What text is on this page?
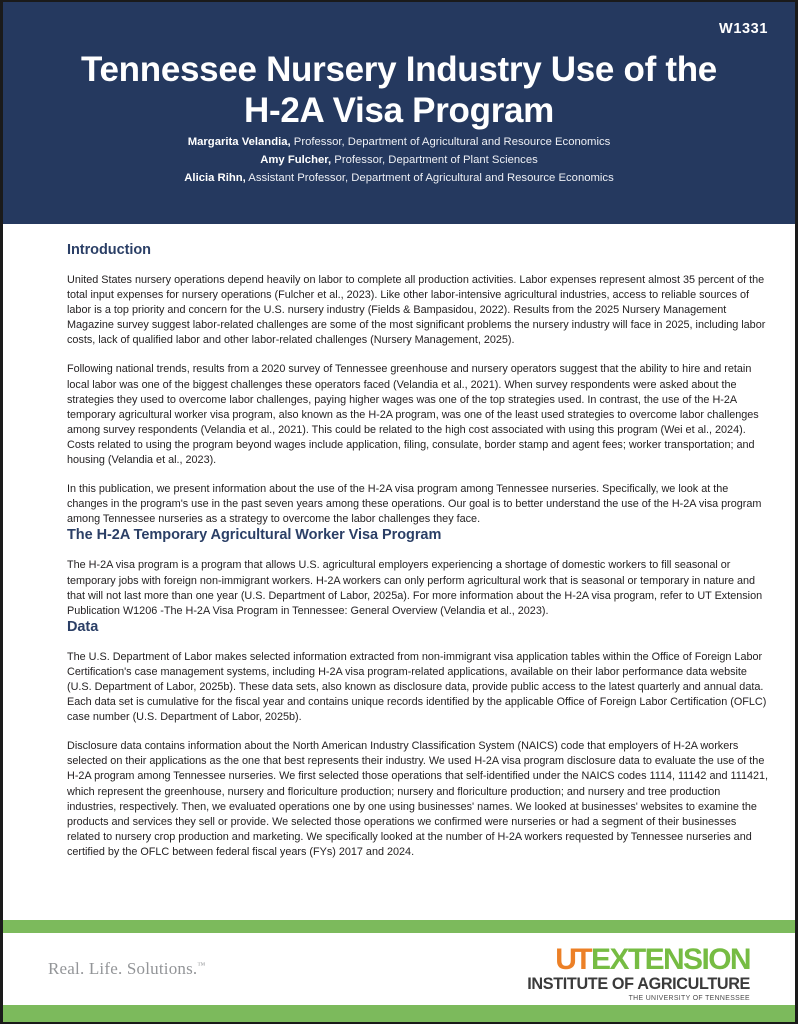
W1331
Tennessee Nursery Industry Use of the
H-2A Visa Program
Margarita Velandia, Professor, Department of Agricultural and Resource Economics
Amy Fulcher, Professor, Department of Plant Sciences
Alicia Rihn, Assistant Professor, Department of Agricultural and Resource Economics
Introduction

United States nursery operations depend heavily on labor to complete all production activities. Labor expenses represent almost 35 percent of the total input expenses for nursery operations (Fulcher et al., 2023). Like other labor-intensive agricultural industries, access to reliable sources of labor is a top priority and concern for the U.S. nursery industry (Fields & Bampasidou, 2022). Results from the 2025 Nursery Management Magazine survey suggest labor-related challenges are some of the most significant problems the nursery industry will face in 2025, including labor costs, lack of qualified labor and other labor-related challenges (Nursery Management, 2025).

Following national trends, results from a 2020 survey of Tennessee greenhouse and nursery operators suggest that the ability to hire and retain local labor was one of the biggest challenges these operators faced (Velandia et al., 2021). When survey respondents were asked about the strategies they used to overcome labor challenges, paying higher wages was one of the top strategies used. In contrast, the use of the H-2A temporary agricultural worker visa program, also known as the H-2A program, was one of the least used strategies to overcome labor challenges among survey respondents (Velandia et al., 2021). This could be related to the high cost associated with using this program (Wei et al., 2024). Costs related to using the program beyond wages include application, filing, consulate, border stamp and agent fees; worker transportation; and housing (Velandia et al., 2023).

In this publication, we present information about the use of the H-2A visa program among Tennessee nurseries. Specifically, we look at the changes in the program's use in the past seven years among these operations. Our goal is to better understand the use of the H-2A visa program among Tennessee nurseries as a strategy to overcome the labor challenges they face.

The H-2A Temporary Agricultural Worker Visa Program

The H-2A visa program is a program that allows U.S. agricultural employers experiencing a shortage of domestic workers to fill seasonal or temporary jobs with foreign non-immigrant workers. H-2A workers can only perform agricultural work that is seasonal or temporary in nature and that will not last more than one year (U.S. Department of Labor, 2025a). For more information about the H-2A visa program, refer to UT Extension Publication W1206 -The H-2A Visa Program in Tennessee: General Overview (Velandia et al., 2023).

Data

The U.S. Department of Labor makes selected information extracted from non-immigrant visa application tables within the Office of Foreign Labor Certification's case management systems, including H-2A visa program-related applications, available on their labor performance data website (U.S. Department of Labor, 2025b). These data sets, also known as disclosure data, provide public access to the latest quarterly and annual data. Each data set is cumulative for the fiscal year and contains unique records identified by the applicable Office of Foreign Labor Certification (OFLC) case number (U.S. Department of Labor, 2025b).

Disclosure data contains information about the North American Industry Classification System (NAICS) code that employers of H-2A workers selected on their applications as the one that best represents their industry. We used H-2A visa program disclosure data to evaluate the use of the H-2A program among Tennessee nurseries. We first selected those operations that self-identified under the NAICS codes 1114, 11142 and 111421, which represent the greenhouse, nursery and floriculture production; nursery and floriculture production; and nursery and tree production industries, respectively. Then, we evaluated operations one by one using businesses' names. We looked at businesses' websites to examine the products and services they sell or provide. We selected those operations we confirmed were nurseries or had a segment of their businesses related to nursery crop production and marketing. We specifically looked at the number of H-2A workers requested by Tennessee nurseries and certified by the OFLC between federal fiscal years (FYs) 2017 and 2024.

Real. Life. Solutions.™	UT EXTENSION
INSTITUTE OF AGRICULTURE
THE UNIVERSITY OF TENNESSEE
